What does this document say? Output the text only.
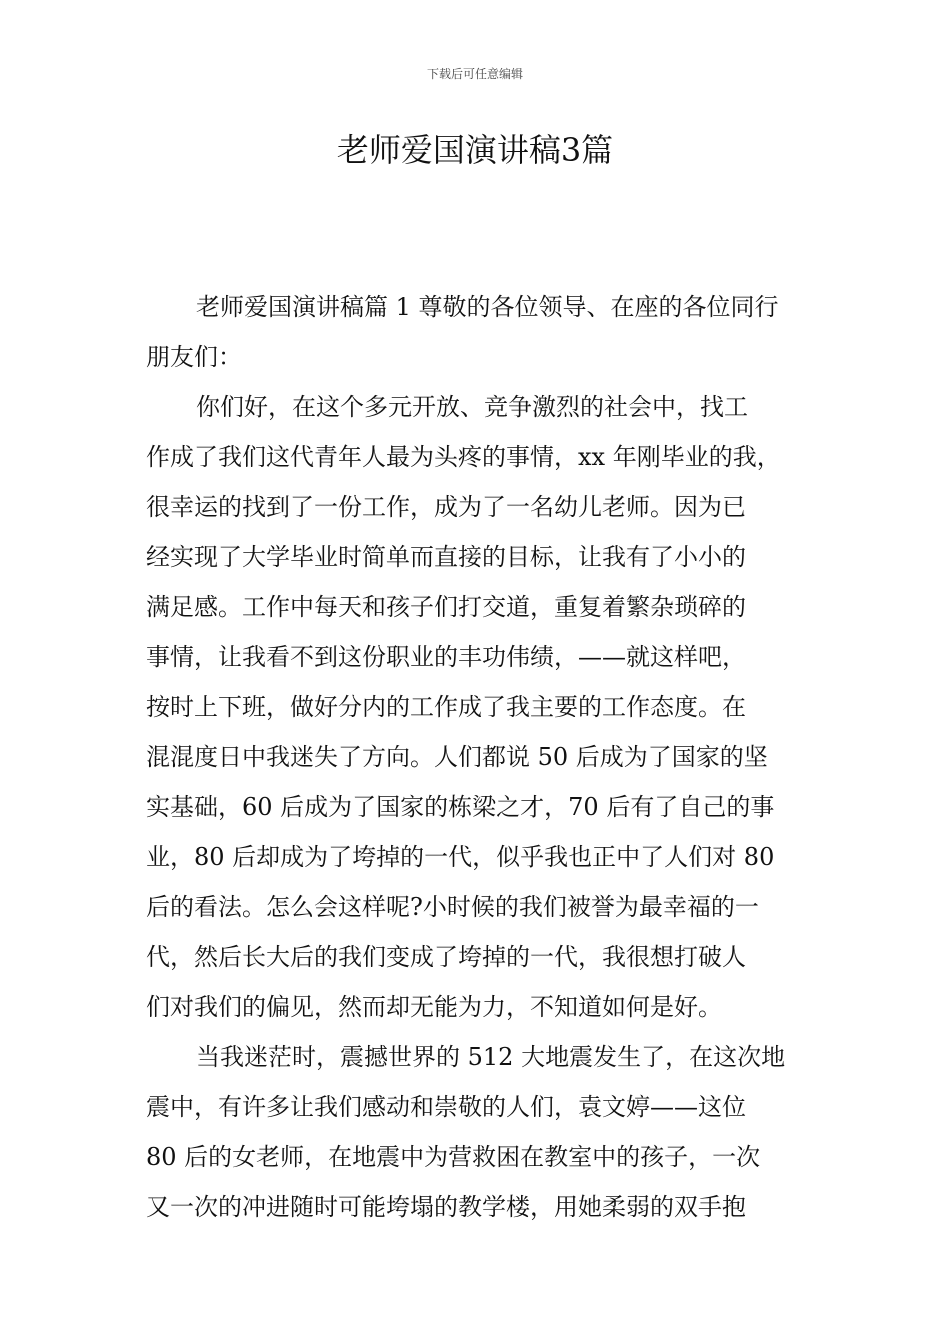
下载后可任意编辑
老师爱国演讲稿3篇
老师爱国演讲稿篇 1 尊敬的各位领导、在座的各位同行
朋友们：
你们好，在这个多元开放、竞争激烈的社会中，找工
作成了我们这代青年人最为头疼的事情，xx 年刚毕业的我，
很幸运的找到了一份工作，成为了一名幼儿老师。因为已
经实现了大学毕业时简单而直接的目标，让我有了小小的
满足感。工作中每天和孩子们打交道，重复着繁杂琐碎的
事情，让我看不到这份职业的丰功伟绩，——就这样吧，
按时上下班，做好分内的工作成了我主要的工作态度。在
混混度日中我迷失了方向。人们都说 50 后成为了国家的坚
实基础，60 后成为了国家的栋梁之才，70 后有了自己的事
业，80 后却成为了垮掉的一代，似乎我也正中了人们对 80
后的看法。怎么会这样呢?小时候的我们被誉为最幸福的一
代，然后长大后的我们变成了垮掉的一代，我很想打破人
们对我们的偏见，然而却无能为力，不知道如何是好。
当我迷茫时，震撼世界的 512 大地震发生了，在这次地
震中，有许多让我们感动和崇敬的人们，袁文婷——这位
80 后的女老师，在地震中为营救困在教室中的孩子，一次
又一次的冲进随时可能垮塌的教学楼，用她柔弱的双手抱
